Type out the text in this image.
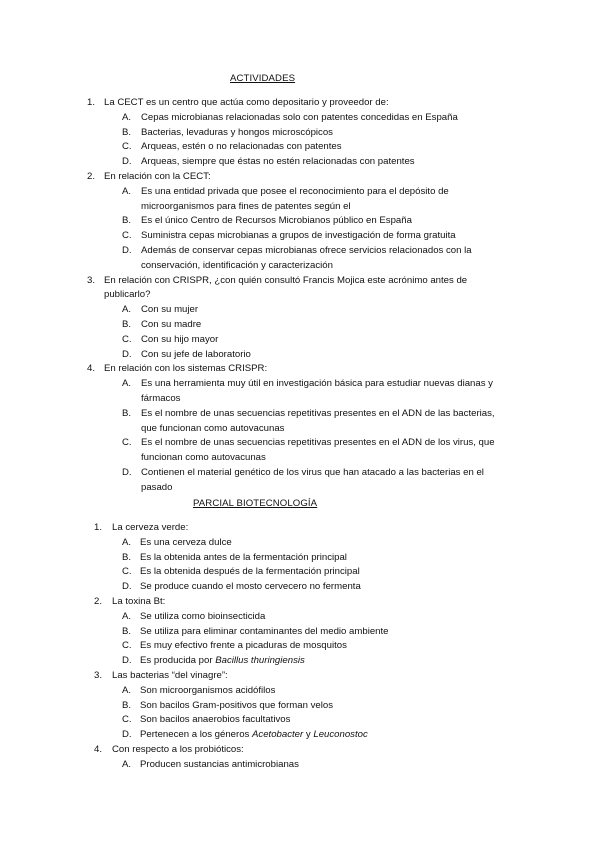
ACTIVIDADES
1. La CECT es un centro que actúa como depositario y proveedor de:
A. Cepas microbianas relacionadas solo con patentes concedidas en España
B. Bacterias, levaduras y hongos microscópicos
C. Arqueas, estén o no relacionadas con patentes
D. Arqueas, siempre que éstas no estén relacionadas con patentes
2. En relación con la CECT:
A. Es una entidad privada que posee el reconocimiento para el depósito de
microorganismos para fines de patentes según el
B. Es el único Centro de Recursos Microbianos público en España
C. Suministra cepas microbianas a grupos de investigación de forma gratuita
D. Además de conservar cepas microbianas ofrece servicios relacionados con la
conservación, identificación y caracterización
3. En relación con CRISPR, ¿con quién consultó Francis Mojica este acrónimo antes de
publicarlo?
A. Con su mujer
B. Con su madre
C. Con su hijo mayor
D. Con su jefe de laboratorio
4. En relación con los sistemas CRISPR:
A. Es una herramienta muy útil en investigación básica para estudiar nuevas dianas y
fármacos
B. Es el nombre de unas secuencias repetitivas presentes en el ADN de las bacterias,
que funcionan como autovacunas
C. Es el nombre de unas secuencias repetitivas presentes en el ADN de los virus, que
funcionan como autovacunas
D. Contienen el material genético de los virus que han atacado a las bacterias en el
pasado
PARCIAL BIOTECNOLOGÍA
1. La cerveza verde:
A. Es una cerveza dulce
B. Es la obtenida antes de la fermentación principal
C. Es la obtenida después de la fermentación principal
D. Se produce cuando el mosto cervecero no fermenta
2. La toxina Bt:
A. Se utiliza como bioinsecticida
B. Se utiliza para eliminar contaminantes del medio ambiente
C. Es muy efectivo frente a picaduras de mosquitos
D. Es producida por Bacillus thuringiensis
3. Las bacterias “del vinagre”:
A. Son microorganismos acidófilos
B. Son bacilos Gram-positivos que forman velos
C. Son bacilos anaerobios facultativos
D. Pertenecen a los géneros Acetobacter y Leuconostoc
4. Con respecto a los probióticos:
A. Producen sustancias antimicrobianas
